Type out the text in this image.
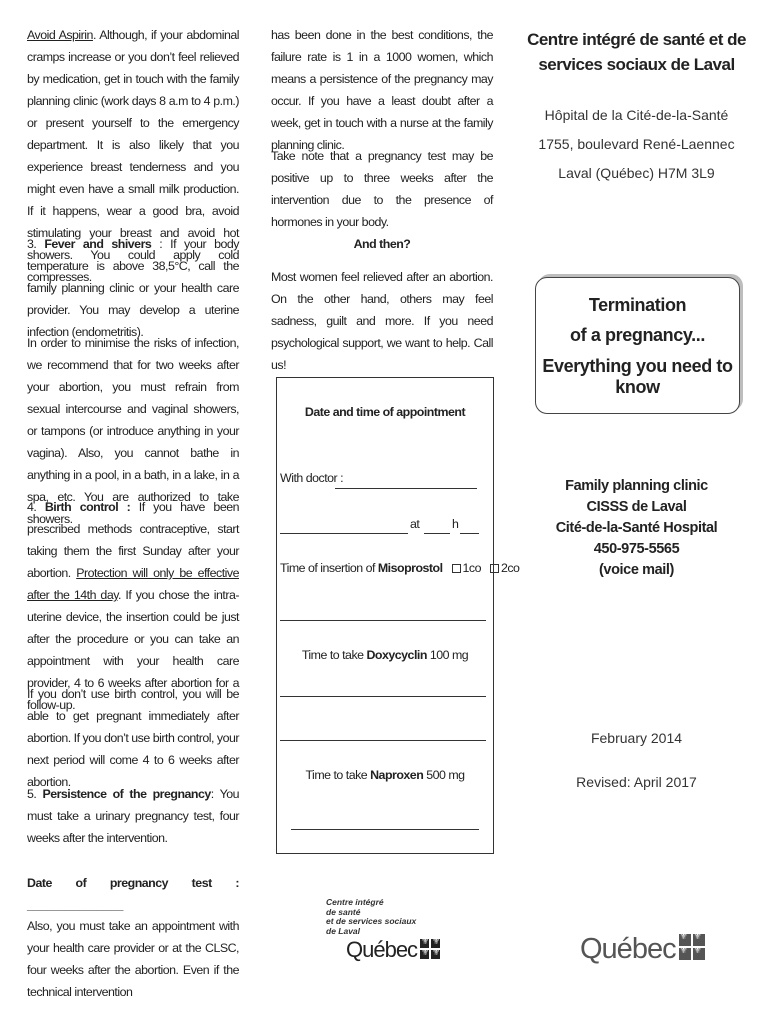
Avoid Aspirin. Although, if your abdominal cramps increase or you don’t feel relieved by medication, get in touch with the family planning clinic (work days 8 a.m to 4 p.m.) or present yourself to the emergency department. It is also likely that you experience breast tenderness and you might even have a small milk production. If it happens, wear a good bra, avoid stimulating your breast and avoid hot showers. You could apply cold compresses.
3. Fever and shivers : If your body temperature is above 38,5°C, call the family planning clinic or your health care provider. You may develop a uterine infection (endometritis).
In order to minimise the risks of infection, we recommend that for two weeks after your abortion, you must refrain from sexual intercourse and vaginal showers, or tampons (or introduce anything in your vagina). Also, you cannot bathe in anything in a pool, in a bath, in a lake, in a spa, etc. You are authorized to take showers.
4. Birth control : If you have been prescribed methods contraceptive, start taking them the first Sunday after your abortion. Protection will only be effective after the 14th day. If you chose the intra-uterine device, the insertion could be just after the procedure or you can take an appointment with your health care provider, 4 to 6 weeks after abortion for a follow-up.
If you don’t use birth control, you will be able to get pregnant immediately after abortion. If you don’t use birth control, your next period will come 4 to 6 weeks after abortion.
5. Persistence of the pregnancy: You must take a urinary pregnancy test, four weeks after the intervention.
Date of pregnancy test : _______________
Also, you must take an appointment with your health care provider or at the CLSC, four weeks after the abortion. Even if the technical intervention
has been done in the best conditions, the failure rate is 1 in a 1000 women, which means a persistence of the pregnancy may occur. If you have a least doubt after a week, get in touch with a nurse at the family planning clinic.
Take note that a pregnancy test may be positive up to three weeks after the intervention due to the presence of hormones in your body.
And then?
Most women feel relieved after an abortion. On the other hand, others may feel sadness, guilt and more. If you need psychological support, we want to help. Call us!
Date and time of appointment
With doctor :
at	h
Time of insertion of Misoprostol 1co 2co
Time to take Doxycyclin 100 mg
Time to take Naproxen 500 mg
Centre intégré
de santé
et de services sociaux
de Laval
Québec
⚜
⚜
⚜
⚜
Centre intégré de santé et de
services sociaux de Laval
Hôpital de la Cité-de-la-Santé
1755, boulevard René-Laennec
Laval (Québec) H7M 3L9
Family planning clinic
CISSS de Laval
Cité-de-la-Santé Hospital
450-975-5565
(voice mail)
February 2014
Revised: April 2017
Termination
of a pregnancy...
Everything you need to know
Québec
⚜
⚜
⚜
⚜
